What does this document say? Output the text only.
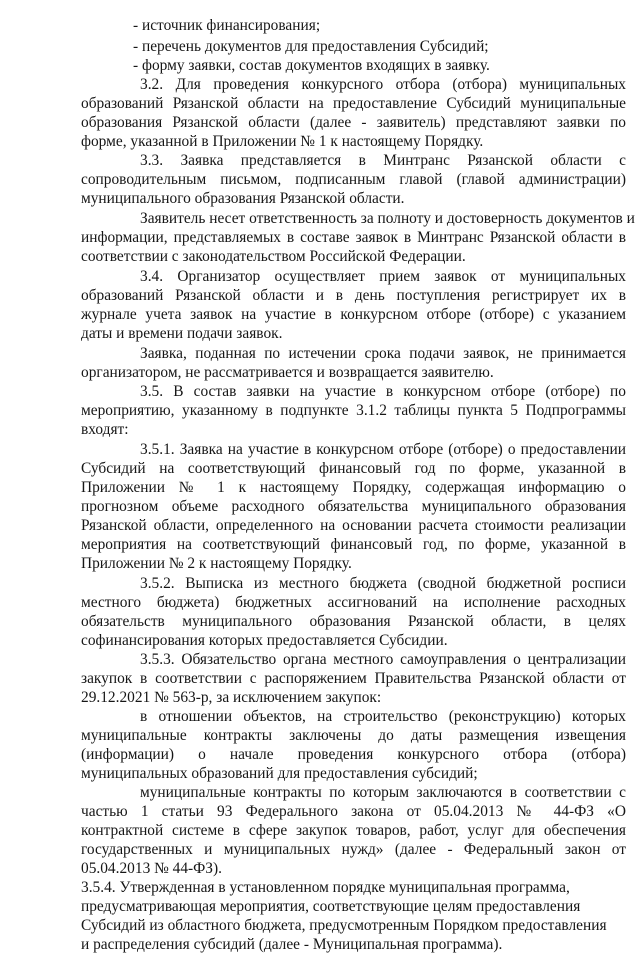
- источник финансирования;
- перечень документов для предоставления Субсидий;
- форму заявки, состав документов входящих в заявку.
3.2. Для проведения конкурсного отбора (отбора) муниципальных
образований Рязанской области на предоставление Субсидий муниципальные
образования Рязанской области (далее - заявитель) представляют заявки по
форме, указанной в Приложении № 1 к настоящему Порядку.
3.3. Заявка представляется в Минтранс Рязанской области с
сопроводительным письмом, подписанным главой (главой администрации)
муниципального образования Рязанской области.
Заявитель несет ответственность за полноту и достоверность документов и
информации, представляемых в составе заявок в Минтранс Рязанской области в
соответствии с законодательством Российской Федерации.
3.4. Организатор осуществляет прием заявок от муниципальных
образований Рязанской области и в день поступления регистрирует их в
журнале учета заявок на участие в конкурсном отборе (отборе) с указанием
даты и времени подачи заявок.
Заявка, поданная по истечении срока подачи заявок, не принимается
организатором, не рассматривается и возвращается заявителю.
3.5. В состав заявки на участие в конкурсном отборе (отборе) по
мероприятию, указанному в подпункте 3.1.2 таблицы пункта 5 Подпрограммы
входят:
3.5.1. Заявка на участие в конкурсном отборе (отборе) о предоставлении
Субсидий на соответствующий финансовый год по форме, указанной в
Приложении № 1 к настоящему Порядку, содержащая информацию о
прогнозном объеме расходного обязательства муниципального образования
Рязанской области, определенного на основании расчета стоимости реализации
мероприятия на соответствующий финансовый год, по форме, указанной в
Приложении № 2 к настоящему Порядку.
3.5.2. Выписка из местного бюджета (сводной бюджетной росписи
местного бюджета) бюджетных ассигнований на исполнение расходных
обязательств муниципального образования Рязанской области, в целях
софинансирования которых предоставляется Субсидии.
3.5.3. Обязательство органа местного самоуправления о централизации
закупок в соответствии с распоряжением Правительства Рязанской области от
29.12.2021 № 563-р, за исключением закупок:
в отношении объектов, на строительство (реконструкцию) которых
муниципальные контракты заключены до даты размещения извещения
(информации) о начале проведения конкурсного отбора (отбора)
муниципальных образований для предоставления субсидий;
муниципальные контракты по которым заключаются в соответствии с
частью 1 статьи 93 Федерального закона от 05.04.2013 № 44-ФЗ «О
контрактной системе в сфере закупок товаров, работ, услуг для обеспечения
государственных и муниципальных нужд» (далее - Федеральный закон от
05.04.2013 № 44-ФЗ).
3.5.4. Утвержденная в установленном порядке муниципальная программа,
предусматривающая мероприятия, соответствующие целям предоставления
Субсидий из областного бюджета, предусмотренным Порядком предоставления
и распределения субсидий (далее - Муниципальная программа).
